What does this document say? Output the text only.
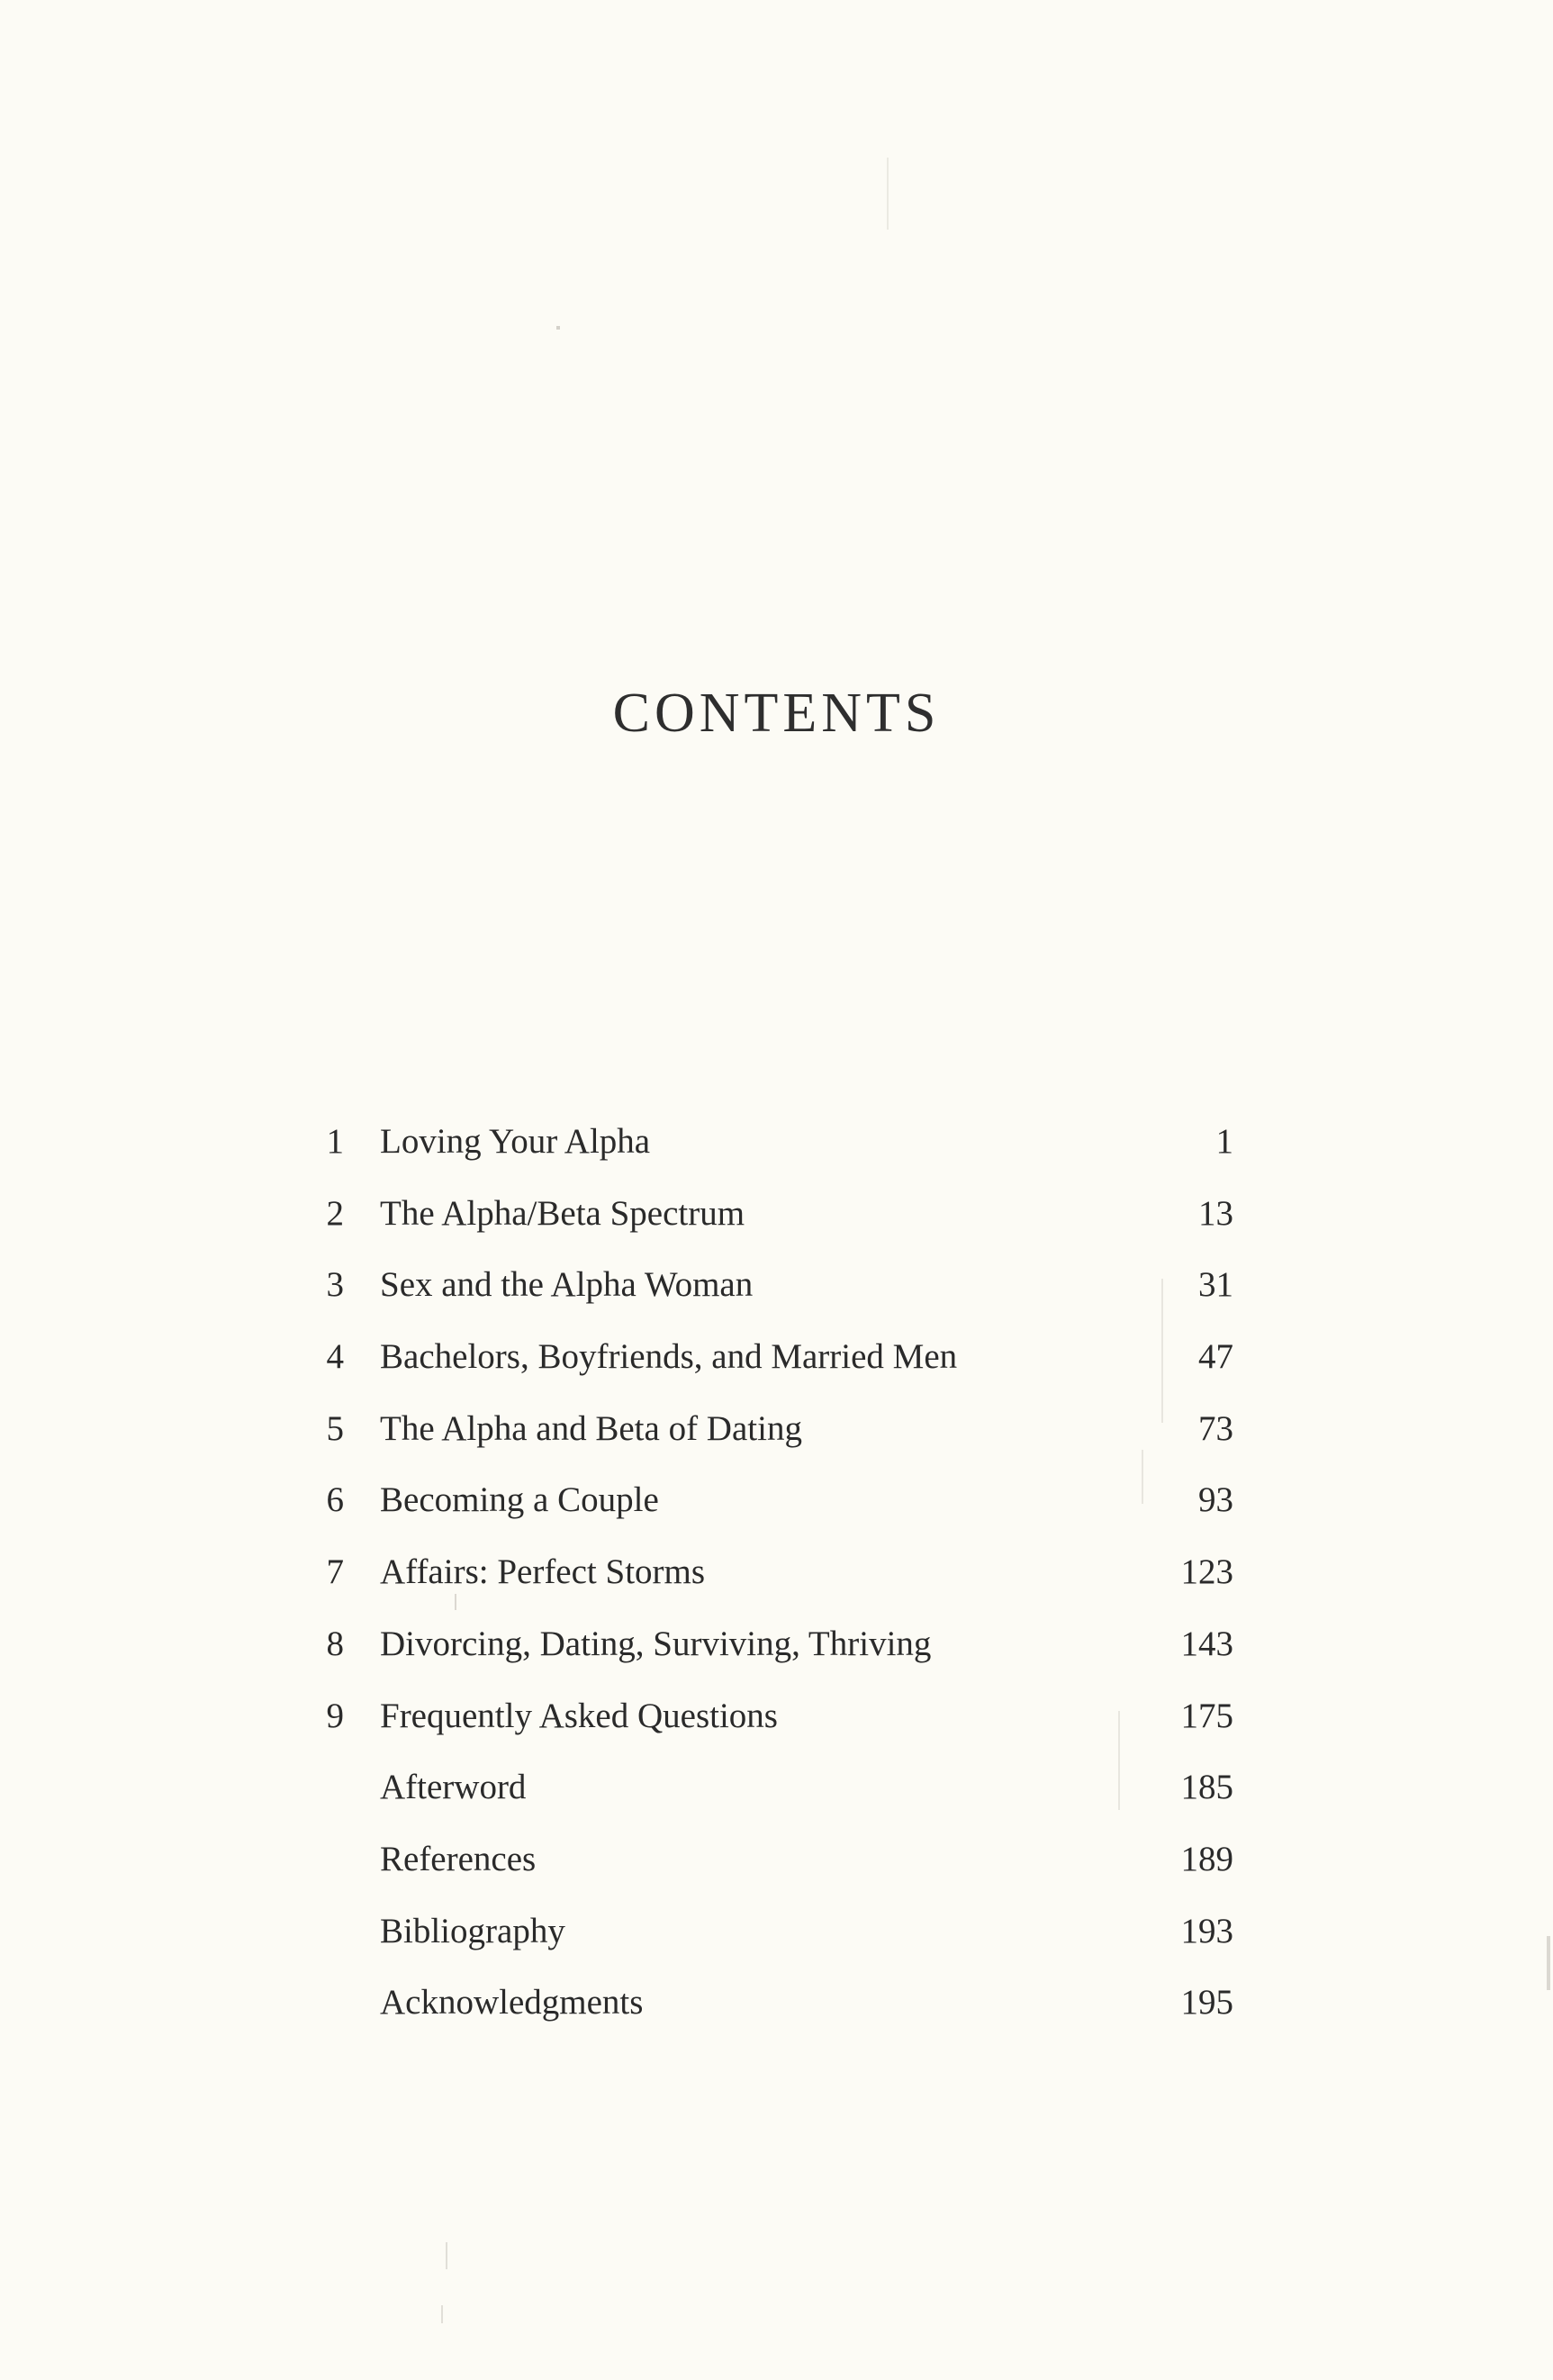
CONTENTS
1 Loving Your Alpha	1
2 The Alpha/Beta Spectrum	13
3 Sex and the Alpha Woman	31
4 Bachelors, Boyfriends, and Married Men	47
5 The Alpha and Beta of Dating	73
6 Becoming a Couple	93
7 Affairs: Perfect Storms	123
8 Divorcing, Dating, Surviving, Thriving	143
9 Frequently Asked Questions	175
Afterword	185
References	189
Bibliography	193
Acknowledgments	195
